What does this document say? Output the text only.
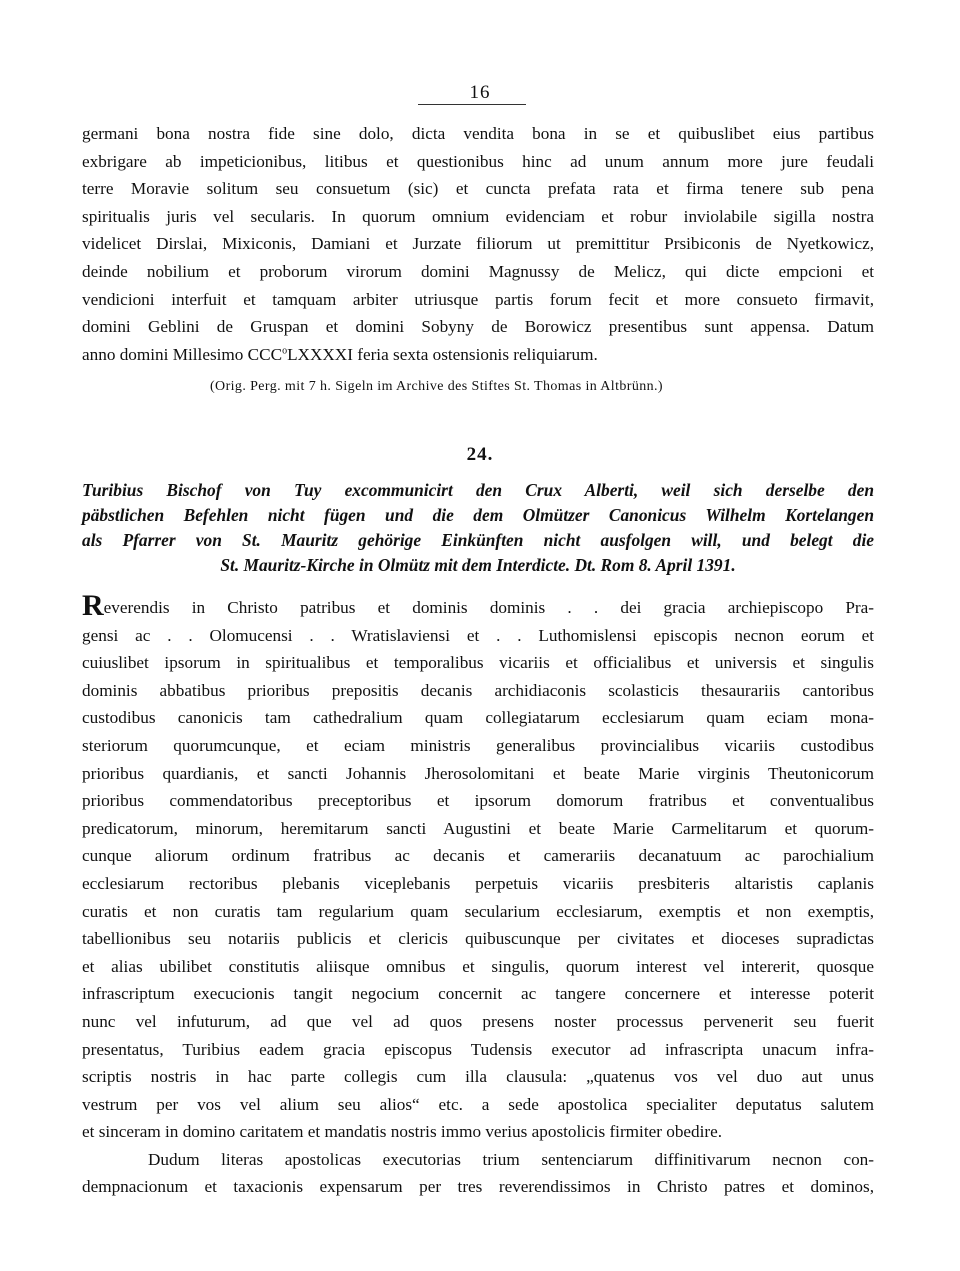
16
germani bona nostra fide sine dolo, dicta vendita bona in se et quibuslibet eius partibus
exbrigare ab impeticionibus, litibus et questionibus hinc ad unum annum more jure feudali
terre Moravie solitum seu consuetum (sic) et cuncta prefata rata et firma tenere sub pena
spiritualis juris vel secularis. In quorum omnium evidenciam et robur inviolabile sigilla nostra
videlicet Dirslai, Mixiconis, Damiani et Jurzate filiorum ut premittitur Prsibiconis de Nyetkowicz,
deinde nobilium et proborum virorum domini Magnussy de Melicz, qui dicte empcioni et
vendicioni interfuit et tamquam arbiter utriusque partis forum fecit et more consueto firmavit,
domini Geblini de Gruspan et domini Sobyny de Borowicz presentibus sunt appensa. Datum
anno domini Millesimo CCC$^o$LXXXXI feria sexta ostensionis reliquiarum.
(Orig. Perg. mit 7 h. Sigeln im Archive des Stiftes St. Thomas in Altbrünn.)
24.
Turibius Bischof von Tuy excommunicirt den Crux Alberti, weil sich derselbe den
päbstlichen Befehlen nicht fügen und die dem Olmützer Canonicus Wilhelm Kortelangen
als Pfarrer von St. Mauritz gehörige Einkünften nicht ausfolgen will, und belegt die
St. Mauritz-Kirche in Olmütz mit dem Interdicte. Dt. Rom 8. April 1391.
Reverendis in Christo patribus et dominis dominis . . dei gracia archiepiscopo Pra-
gensi ac . . Olomucensi . . Wratislaviensi et . . Luthomislensi episcopis necnon eorum et
cuiuslibet ipsorum in spiritualibus et temporalibus vicariis et officialibus et universis et singulis
dominis abbatibus prioribus prepositis decanis archidiaconis scolasticis thesaurariis cantoribus
custodibus canonicis tam cathedralium quam collegiatarum ecclesiarum quam eciam mona-
steriorum quorumcunque, et eciam ministris generalibus provincialibus vicariis custodibus
prioribus quardianis, et sancti Johannis Jherosolomitani et beate Marie virginis Theutonicorum
prioribus commendatoribus preceptoribus et ipsorum domorum fratribus et conventualibus
predicatorum, minorum, heremitarum sancti Augustini et beate Marie Carmelitarum et quorum-
cunque aliorum ordinum fratribus ac decanis et camerariis decanatuum ac parochialium
ecclesiarum rectoribus plebanis viceplebanis perpetuis vicariis presbiteris altaristis caplanis
curatis et non curatis tam regularium quam secularium ecclesiarum, exemptis et non exemptis,
tabellionibus seu notariis publicis et clericis quibuscunque per civitates et dioceses supradictas
et alias ubilibet constitutis aliisque omnibus et singulis, quorum interest vel intererit, quosque
infrascriptum execucionis tangit negocium concernit ac tangere concernere et interesse poterit
nunc vel infuturum, ad que vel ad quos presens noster processus pervenerit seu fuerit
presentatus, Turibius eadem gracia episcopus Tudensis executor ad infrascripta unacum infra-
scriptis nostris in hac parte collegis cum illa clausula: „quatenus vos vel duo aut unus
vestrum per vos vel alium seu alios“ etc. a sede apostolica specialiter deputatus salutem
et sinceram in domino caritatem et mandatis nostris immo verius apostolicis firmiter obedire.
Dudum literas apostolicas executorias trium sentenciarum diffinitivarum necnon con-
dempnacionum et taxacionis expensarum per tres reverendissimos in Christo patres et dominos,
